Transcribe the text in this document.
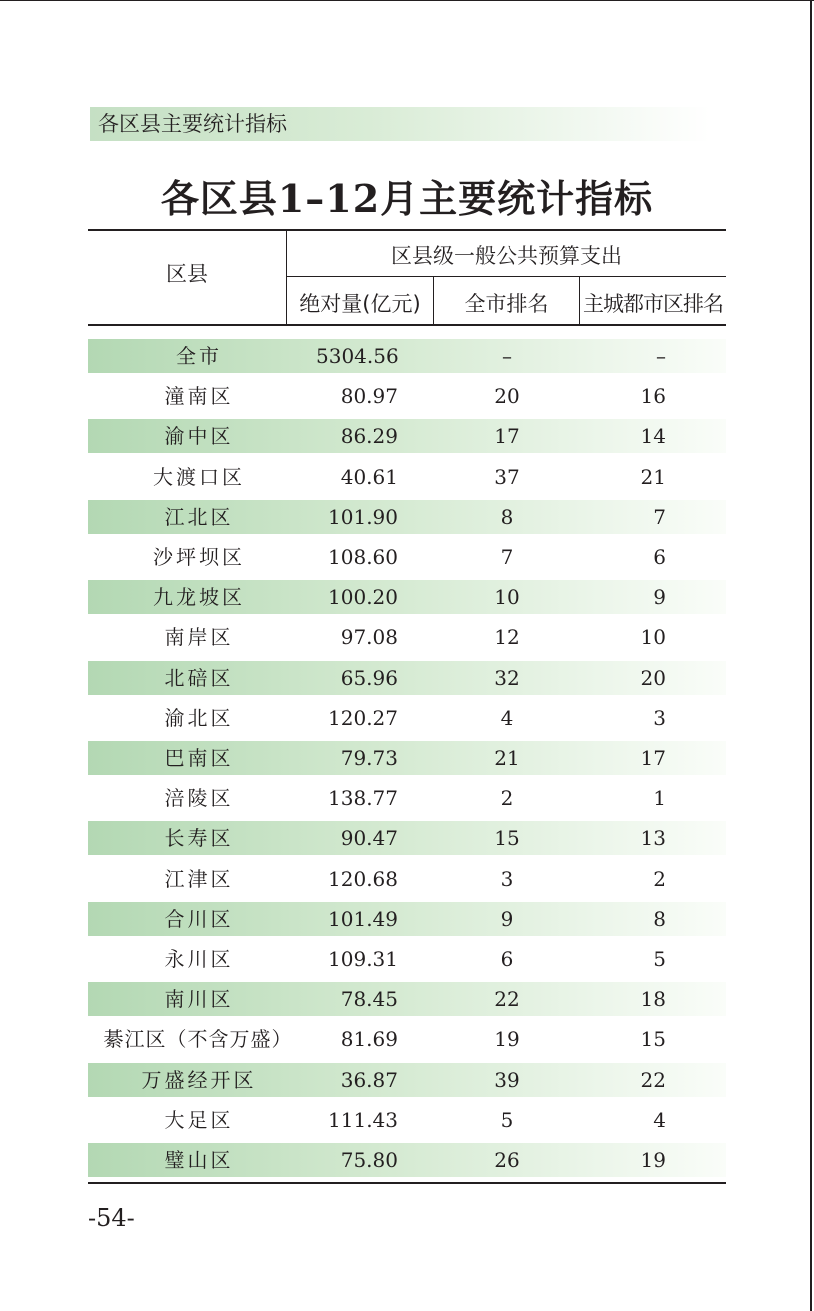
各区县主要统计指标
各区县1–12月主要统计指标
区县
区县级一般公共预算支出
绝对量(亿元)	全市排名	主城都市区排名
全市	5304.56	–	–
潼南区	80.97	20	16
渝中区	86.29	17	14
大渡口区	40.61	37	21
江北区	101.90	8	7
沙坪坝区	108.60	7	6
九龙坡区	100.20	10	9
南岸区	97.08	12	10
北碚区	65.96	32	20
渝北区	120.27	4	3
巴南区	79.73	21	17
涪陵区	138.77	2	1
长寿区	90.47	15	13
江津区	120.68	3	2
合川区	101.49	9	8
永川区	109.31	6	5
南川区	78.45	22	18
綦江区（不含万盛）	81.69	19	15
万盛经开区	36.87	39	22
大足区	111.43	5	4
璧山区	75.80	26	19
-54-
